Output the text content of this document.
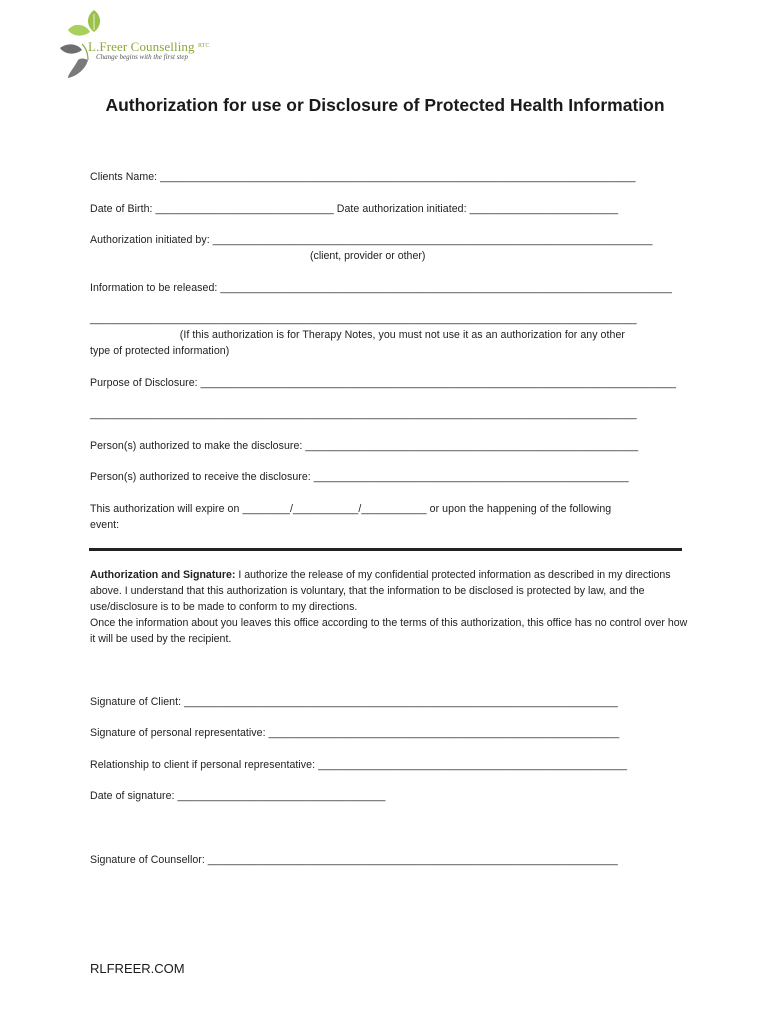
L.Freer Counselling $^{RTC}$
Change begins with the first step
Authorization for use or Disclosure of Protected Health Information
Clients Name: ________________________________________________________________________________
Date of Birth: ______________________________ Date authorization initiated: _________________________
Authorization initiated by: __________________________________________________________________________
(client, provider or other)
Information to be released: ____________________________________________________________________________
____________________________________________________________________________________________
(If this authorization is for Therapy Notes, you must not use it as an authorization for any other
type of protected information)
Purpose of Disclosure: ________________________________________________________________________________
____________________________________________________________________________________________
Person(s) authorized to make the disclosure: ________________________________________________________
Person(s) authorized to receive the disclosure: _____________________________________________________
This authorization will expire on ________/___________/___________ or upon the happening of the following
event:
Authorization and Signature: I authorize the release of my confidential protected information as described in my directions above. I understand that this authorization is voluntary, that the information to be disclosed is protected by law, and the use/disclosure is to be made to conform to my directions.
Once the information about you leaves this office according to the terms of this authorization, this office has no control over how it will be used by the recipient.
Signature of Client: _________________________________________________________________________
Signature of personal representative: ___________________________________________________________
Relationship to client if personal representative: ____________________________________________________
Date of signature: ___________________________________
Signature of Counsellor: _____________________________________________________________________
RLFREER.COM
